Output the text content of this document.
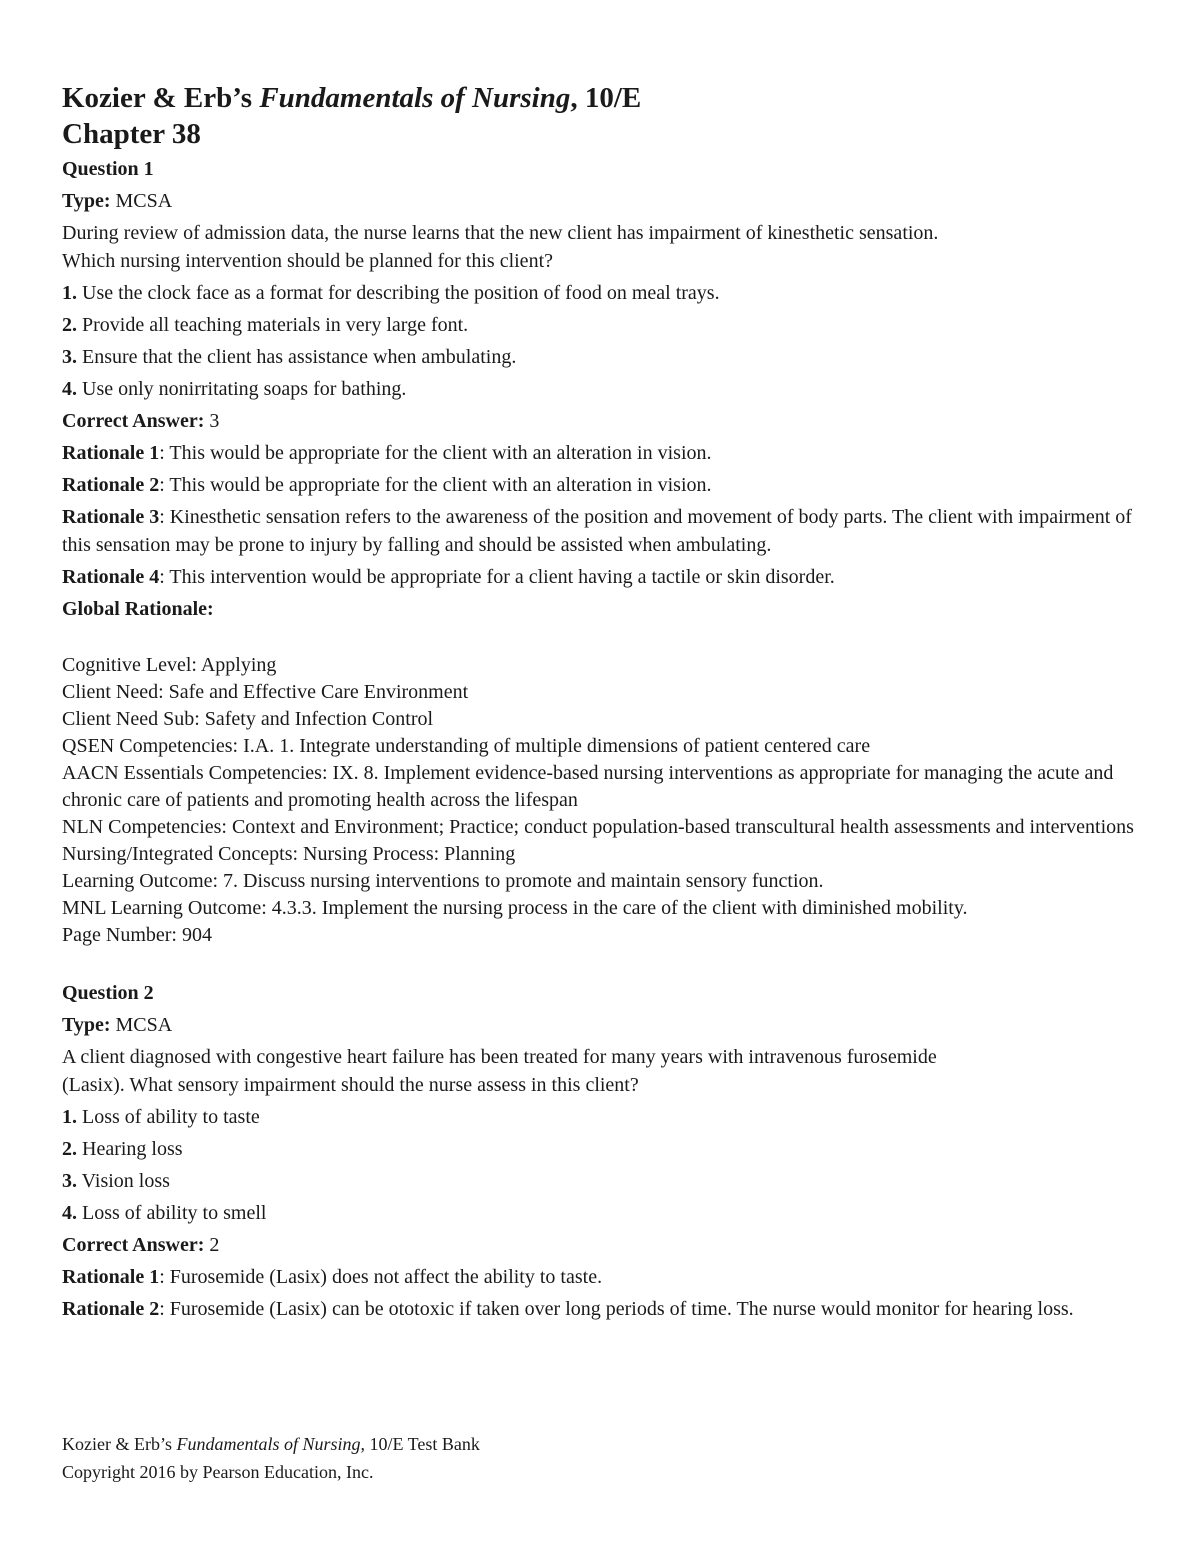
Kozier & Erb’s Fundamentals of Nursing, 10/E
Chapter 38
Question 1
Type: MCSA
During review of admission data, the nurse learns that the new client has impairment of kinesthetic sensation.
Which nursing intervention should be planned for this client?
1. Use the clock face as a format for describing the position of food on meal trays.
2. Provide all teaching materials in very large font.
3. Ensure that the client has assistance when ambulating.
4. Use only nonirritating soaps for bathing.
Correct Answer: 3
Rationale 1: This would be appropriate for the client with an alteration in vision.
Rationale 2: This would be appropriate for the client with an alteration in vision.
Rationale 3: Kinesthetic sensation refers to the awareness of the position and movement of body parts. The client with impairment of this sensation may be prone to injury by falling and should be assisted when ambulating.
Rationale 4: This intervention would be appropriate for a client having a tactile or skin disorder.
Global Rationale:
Cognitive Level: Applying
Client Need: Safe and Effective Care Environment
Client Need Sub: Safety and Infection Control
QSEN Competencies: I.A. 1. Integrate understanding of multiple dimensions of patient centered care
AACN Essentials Competencies: IX. 8. Implement evidence-based nursing interventions as appropriate for managing the acute and chronic care of patients and promoting health across the lifespan
NLN Competencies: Context and Environment; Practice; conduct population-based transcultural health assessments and interventions
Nursing/Integrated Concepts: Nursing Process: Planning
Learning Outcome: 7. Discuss nursing interventions to promote and maintain sensory function.
MNL Learning Outcome: 4.3.3. Implement the nursing process in the care of the client with diminished mobility.
Page Number: 904
Question 2
Type: MCSA
A client diagnosed with congestive heart failure has been treated for many years with intravenous furosemide
(Lasix). What sensory impairment should the nurse assess in this client?
1. Loss of ability to taste
2. Hearing loss
3. Vision loss
4. Loss of ability to smell
Correct Answer: 2
Rationale 1: Furosemide (Lasix) does not affect the ability to taste.
Rationale 2: Furosemide (Lasix) can be ototoxic if taken over long periods of time. The nurse would monitor for hearing loss.
Kozier & Erb’s Fundamentals of Nursing, 10/E Test Bank
Copyright 2016 by Pearson Education, Inc.
